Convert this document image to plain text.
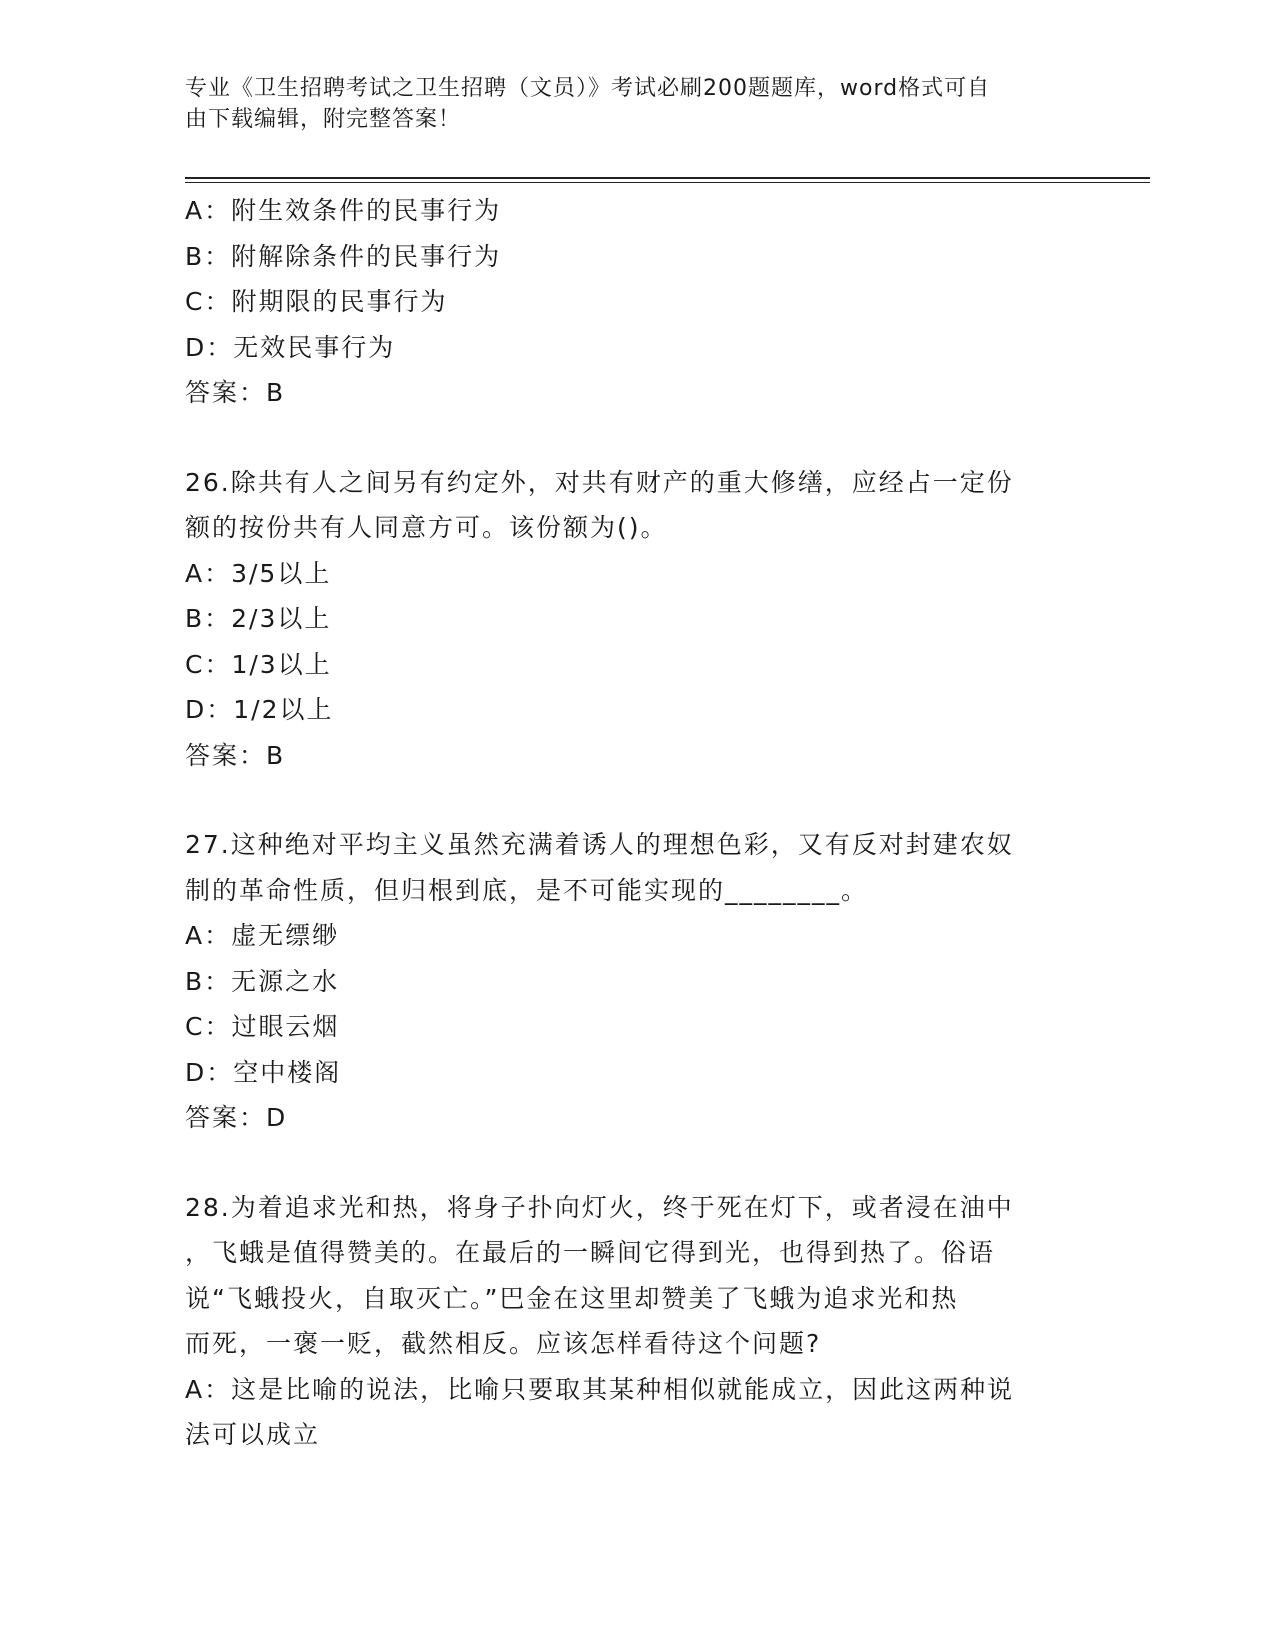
专业《卫生招聘考试之卫生招聘（文员）》考试必刷200题题库，word格式可自
由下载编辑，附完整答案！
A：附生效条件的民事行为
B：附解除条件的民事行为
C：附期限的民事行为
D：无效民事行为
答案：B
26.除共有人之间另有约定外，对共有财产的重大修缮，应经占一定份
额的按份共有人同意方可。该份额为()。
A：3/5以上
B：2/3以上
C：1/3以上
D：1/2以上
答案：B
27.这种绝对平均主义虽然充满着诱人的理想色彩，又有反对封建农奴
制的革命性质，但归根到底，是不可能实现的________。
A：虚无缥缈
B：无源之水
C：过眼云烟
D：空中楼阁
答案：D
28.为着追求光和热，将身子扑向灯火，终于死在灯下，或者浸在油中
，飞蛾是值得赞美的。在最后的一瞬间它得到光，也得到热了。俗语
说“飞蛾投火，自取灭亡。”巴金在这里却赞美了飞蛾为追求光和热
而死，一褒一贬，截然相反。应该怎样看待这个问题?
A：这是比喻的说法，比喻只要取其某种相似就能成立，因此这两种说
法可以成立
